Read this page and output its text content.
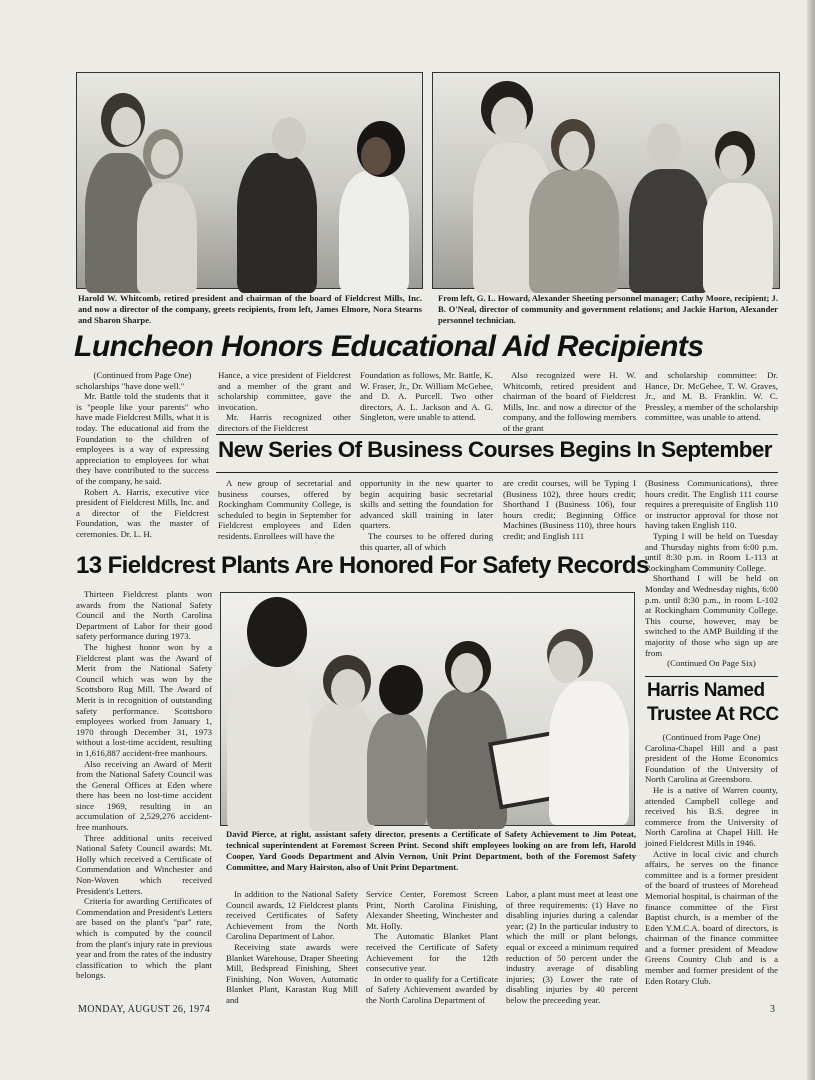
Harold W. Whitcomb, retired president and chairman of the board of Fieldcrest Mills, Inc. and now a director of the company, greets recipients, from left, James Elmore, Nora Stearns and Sharon Sharpe.
From left, G. L. Howard, Alexander Sheeting personnel manager; Cathy Moore, recipient; J. B. O'Neal, director of community and government relations; and Jackie Harton, Alexander personnel technician.
Luncheon Honors Educational Aid Recipients

(Continued from Page One)

scholarships "have done well."

Mr. Battle told the students that it is "people like your parents" who have made Fieldcrest Mills, what it is today. The educational aid from the Foundation to the children of employees is a way of expressing appreciation to employees for what they have contributed to the success of the company, he said.

Robert A. Harris, executive vice president of Fieldcrest Mills, Inc. and a director of the Fieldcrest Foundation, was the master of ceremonies. Dr. L. H.

Hance, a vice president of Fieldcrest and a member of the grant and scholarship committee, gave the invocation.

Mr. Harris recognized other directors of the Fieldcrest

Foundation as follows, Mr. Battle, K. W. Fraser, Jr., Dr. William McGehee, and D. A. Purcell. Two other directors, A. L. Jackson and A. G. Singleton, were unable to attend.

Also recognized were H. W. Whitcomb, retired president and chairman of the board of Fieldcrest Mills, Inc. and now a director of the company, and the following members of the grant

and scholarship committee: Dr. Hance, Dr. McGehee, T. W. Graves, Jr., and M. B. Franklin. W. C. Pressley, a member of the scholarship committee, was unable to attend.

New Series Of Business Courses Begins In September

A new group of secretarial and business courses, offered by Rockingham Community College, is scheduled to begin in September for Fieldcrest employees and Eden residents. Enrollees will have the

opportunity in the new quarter to begin acquiring basic secretarial skills and setting the foundation for advanced skill training in later quarters.

The courses to be offered during this quarter, all of which

are credit courses, will be Typing I (Business 102), three hours credit; Shorthand I (Business 106), four hours credit; Beginning Office Machines (Business 110), three hours credit; and English 111

(Business Communications), three hours credit. The English 111 course requires a prerequisite of English 110 or instructor approval for those not having taken English 110.

Typing I will be held on Tuesday and Thursday nights from 6:00 p.m. until 8:30 p.m. in Room L-113 at Rockingham Community College.

Shorthand I will be held on Monday and Wednesday nights, 6:00 p.m. until 8:30 p.m., in room L-102 at Rockingham Community College. This course, however, may be switched to the AMP Building if the majority of those who sign up are from

(Continued On Page Six)

13 Fieldcrest Plants Are Honored For Safety Records
David Pierce, at right, assistant safety director, presents a Certificate of Safety Achievement to Jim Poteat, technical superintendent at Foremost Screen Print. Second shift employees looking on are from left, Harold Cooper, Yard Goods Department and Alvin Vernon, Unit Print Department, both of the Foremost Safety Committee, and Mary Hairston, also of Unit Print Department.

Thirteen Fieldcrest plants won awards from the National Safety Council and the North Carolina Department of Labor for their good safety performance during 1973.

The highest honor won by a Fieldcrest plant was the Award of Merit from the National Safety Council which was won by the Scottsboro Rug Mill. The Award of Merit is in recognition of outstanding safety performance. Scottsboro employees worked from January 1, 1970 through December 31, 1973 without a lost-time accident, resulting in 1,616,887 accident-free manhours.

Also receiving an Award of Merit from the National Safety Council was the General Offices at Eden where there has been no lost-time accident since 1969, resulting in an accumulation of 2,529,276 accident-free manhours.

Three additional units received National Safety Council awards: Mt. Holly which received a Certificate of Commendation and Winchester and Non-Woven which received President's Letters.

Criteria for awarding Certificates of Commendation and President's Letters are based on the plant's "par" rate, which is computed by the council from the plant's injury rate in previous year and from the rates of the industry classification to which the plant belongs.

In addition to the National Safety Council awards, 12 Fieldcrest plants received Certificates of Safety Achievement from the North Carolina Department of Labor.

Receiving state awards were Blanket Warehouse, Draper Sheeting Mill, Bedspread Finishing, Sheet Finishing, Non Woven, Automatic Blanket Plant, Karastan Rug Mill and

Service Center, Foremost Screen Print, North Carolina Finishing, Alexander Sheeting, Winchester and Mt. Holly.

The Automatic Blanket Plant received the Certificate of Safety Achievement for the 12th consecutive year.

In order to qualify for a Certificate of Safety Achievement awarded by the North Carolina Department of

Labor, a plant must meet at least one of three requirements: (1) Have no disabling injuries during a calendar year; (2) In the particular industry to which the mill or plant belongs, equal or exceed a minimum required reduction of 50 percent under the industry average of disabling injuries; (3) Lower the rate of disabling injuries by 40 percent below the preceeding year.

Harris Named
Trustee At RCC

(Continued from Page One)

Carolina-Chapel Hill and a past president of the Home Economics Foundation of the University of North Carolina at Greensboro.

He is a native of Warren county, attended Campbell college and received his B.S. degree in commerce from the University of North Carolina at Chapel Hill. He joined Fieldcrest Mills in 1946.

Active in local civic and church affairs, he serves on the finance committee and is a former president of the board of trustees of Morehead Memorial hospital, is chairman of the finance committee of the First Baptist church, is a member of the Eden Y.M.C.A. board of directors, is chairman of the finance committee and a former president of Meadow Greens Country Club and is a member and former president of the Eden Rotary Club.

MONDAY, AUGUST 26, 1974	3
